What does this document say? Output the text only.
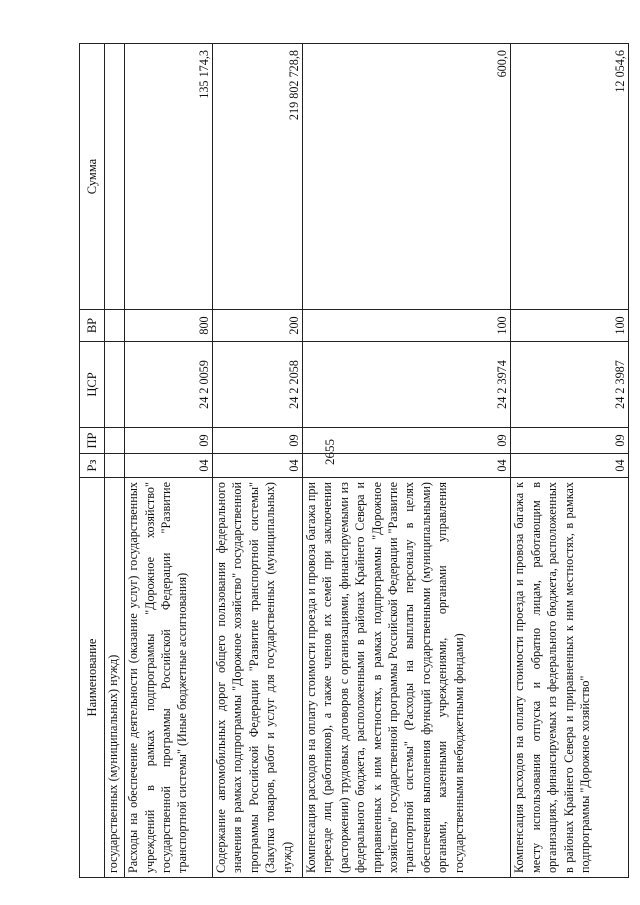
2655
Наименование	Рз	ПР	ЦСР	ВР	Сумма
государственных (муниципальных) нужд)					
Расходы на обеспечение деятельности (оказание услуг) государственных учреждений в рамках подпрограммы "Дорожное хозяйство" государственной программы Российской Федерации "Развитие транспортной системы" (Иные бюджетные ассигнования)	04	09	24 2 0059	800	135 174,3
Содержание автомобильных дорог общего пользования федерального значения в рамках подпрограммы "Дорожное хозяйство" государственной программы Российской Федерации "Развитие транспортной системы" (Закупка товаров, работ и услуг для государственных (муниципальных) нужд)	04	09	24 2 2058	200	219 802 728,8
Компенсация расходов на оплату стоимости проезда и провоза багажа при переезде лиц (работников), а также членов их семей при заключении (расторжении) трудовых договоров с организациями, финансируемыми из федерального бюджета, расположенными в районах Крайнего Севера и приравненных к ним местностях, в рамках подпрограммы "Дорожное хозяйство" государственной программы Российской Федерации "Развитие транспортной системы" (Расходы на выплаты персоналу в целях обеспечения выполнения функций государственными (муниципальными) органами, казенными учреждениями, органами управления государственными внебюджетными фондами)	04	09	24 2 3974	100	600,0
Компенсация расходов на оплату стоимости проезда и провоза багажа к месту использования отпуска и обратно лицам, работающим в организациях, финансируемых из федерального бюджета, расположенных в районах Крайнего Севера и приравненных к ним местностях, в рамках подпрограммы "Дорожное хозяйство"	04	09	24 2 3987	100	12 054,6
